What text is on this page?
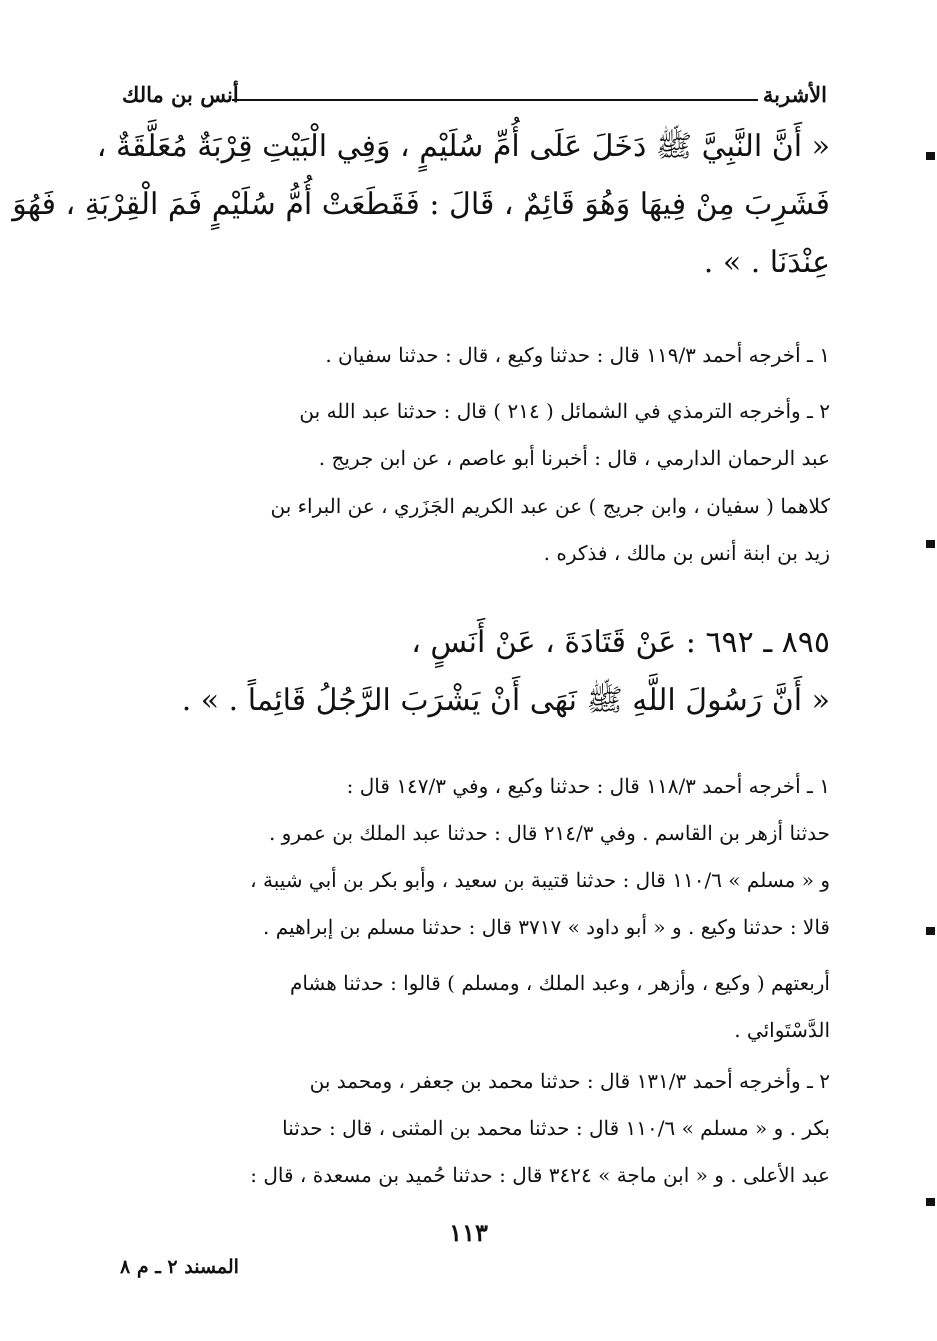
الأشربة
أنس بن مالك
« أَنَّ النَّبِيَّ ﷺ دَخَلَ عَلَى أُمِّ سُلَيْمٍ ، وَفِي الْبَيْتِ قِرْبَةٌ مُعَلَّقَةٌ ،
فَشَرِبَ مِنْ فِيهَا وَهُوَ قَائِمٌ ، قَالَ : فَقَطَعَتْ أُمُّ سُلَيْمٍ فَمَ الْقِرْبَةِ ، فَهُوَ
عِنْدَنَا . » .
١ ـ أخرجه أحمد ١١٩/٣ قال : حدثنا وكيع ، قال : حدثنا سفيان .
٢ ـ وأخرجه الترمذي في الشمائل ( ٢١٤ ) قال : حدثنا عبد الله بن
عبد الرحمان الدارمي ، قال : أخبرنا أبو عاصم ، عن ابن جريج .
كلاهما ( سفيان ، وابن جريج ) عن عبد الكريم الجَزَري ، عن البراء بن
زيد بن ابنة أنس بن مالك ، فذكره .
٨٩٥ ـ ٦٩٢ : عَنْ قَتَادَةَ ، عَنْ أَنَسٍ ،
« أَنَّ رَسُولَ اللَّهِ ﷺ نَهَى أَنْ يَشْرَبَ الرَّجُلُ قَائِماً . » .
١ ـ أخرجه أحمد ١١٨/٣ قال : حدثنا وكيع ، وفي ١٤٧/٣ قال :
حدثنا أزهر بن القاسم . وفي ٢١٤/٣ قال : حدثنا عبد الملك بن عمرو .
و « مسلم » ١١٠/٦ قال : حدثنا قتيبة بن سعيد ، وأبو بكر بن أبي شيبة ،
قالا : حدثنا وكيع . و « أبو داود » ٣٧١٧ قال : حدثنا مسلم بن إبراهيم .
أربعتهم ( وكيع ، وأزهر ، وعبد الملك ، ومسلم ) قالوا : حدثنا هشام
الدَّسْتَوائي .
٢ ـ وأخرجه أحمد ١٣١/٣ قال : حدثنا محمد بن جعفر ، ومحمد بن
بكر . و « مسلم » ١١٠/٦ قال : حدثنا محمد بن المثنى ، قال : حدثنا
عبد الأعلى . و « ابن ماجة » ٣٤٢٤ قال : حدثنا حُميد بن مسعدة ، قال :
١١٣
المسند ٢ ـ م ٨
